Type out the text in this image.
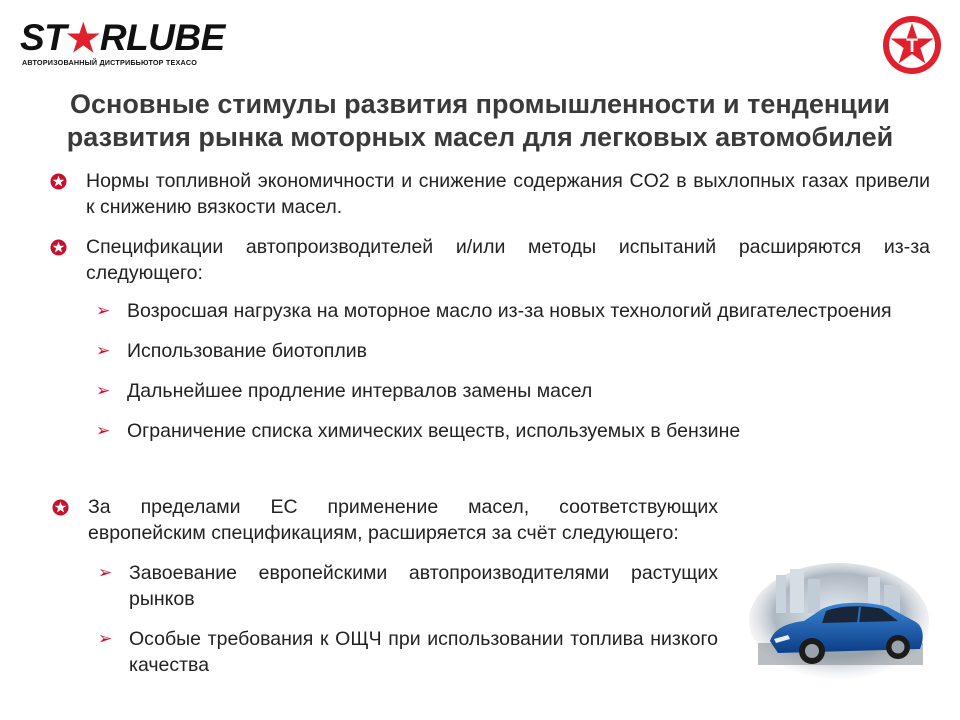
ST★RLUBE
АВТОРИЗОВАННЫЙ ДИСТРИБЬЮТОР TEXACO
T
Основные стимулы развития промышленности и тенденции развития рынка моторных масел для легковых автомобилей
Нормы топливной экономичности и снижение содержания CO2 в выхлопных газах привели к снижению вязкости масел.
Спецификации автопроизводителей и/или методы испытаний расширяются из-за следующего:
➢ Возросшая нагрузка на моторное масло из-за новых технологий двигателестроения
➢ Использование биотоплив
➢ Дальнейшее продление интервалов замены масел
➢ Ограничение списка химических веществ, используемых в бензине
За пределами ЕС применение масел, соответствующих европейским спецификациям, расширяется за счёт следующего:
➢ Завоевание европейскими автопроизводителями растущих рынков
➢ Особые требования к ОЩЧ при использовании топлива низкого качества
